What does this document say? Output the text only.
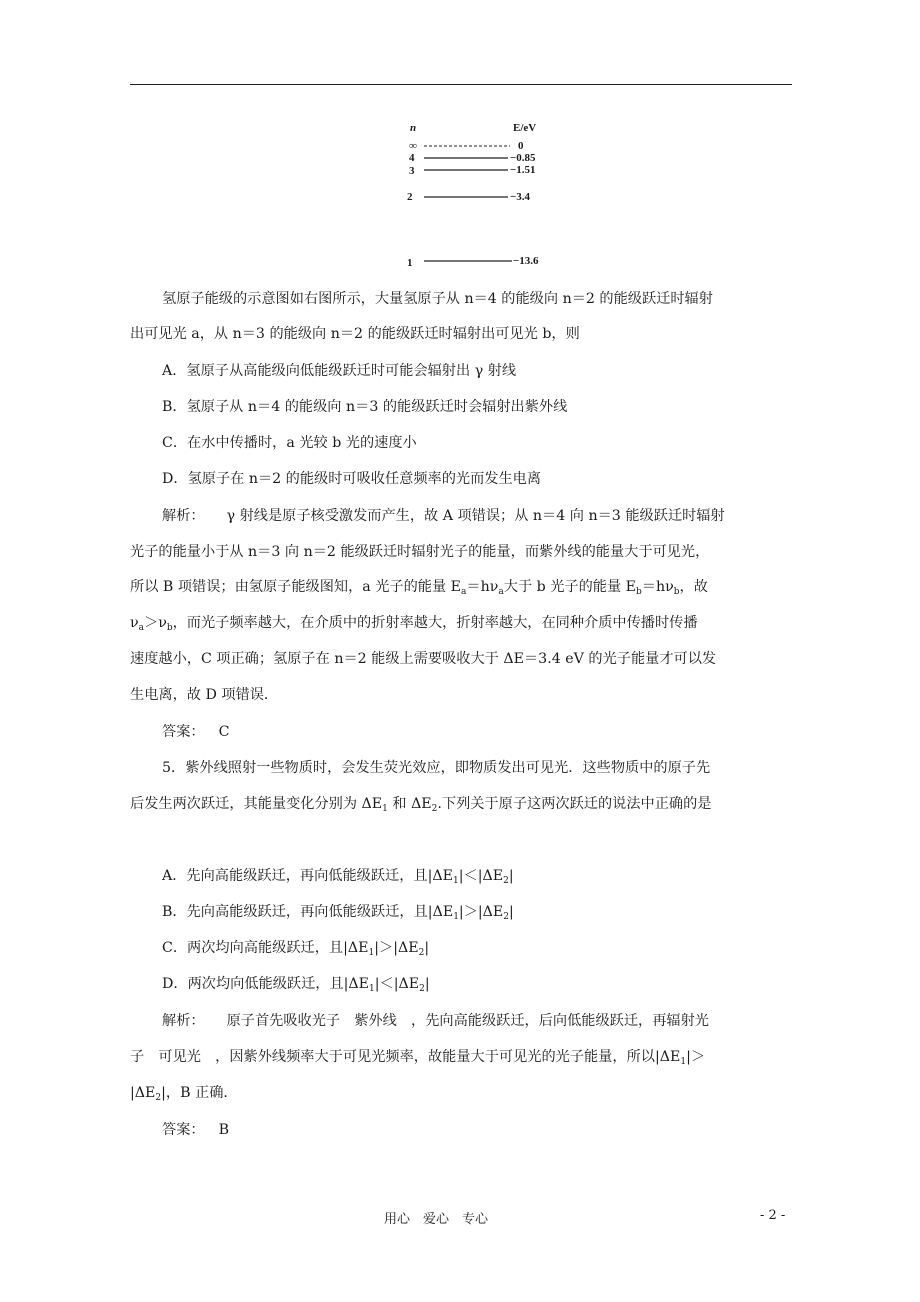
n	E/eV
∞	0
4	−0.85
3	−1.51
2	−3.4
1	−13.6

氢原子能级的示意图如右图所示，大量氢原子从 n＝4 的能级向 n＝2 的能级跃迁时辐射

出可见光 a，从 n＝3 的能级向 n＝2 的能级跃迁时辐射出可见光 b，则

A．氢原子从高能级向低能级跃迁时可能会辐射出 γ 射线

B．氢原子从 n＝4 的能级向 n＝3 的能级跃迁时会辐射出紫外线

C．在水中传播时，a 光较 b 光的速度小

D．氢原子在 n＝2 的能级时可吸收任意频率的光而发生电离

解析： γ 射线是原子核受激发而产生，故 A 项错误；从 n＝4 向 n＝3 能级跃迁时辐射

光子的能量小于从 n＝3 向 n＝2 能级跃迁时辐射光子的能量，而紫外线的能量大于可见光，

所以 B 项错误；由氢原子能级图知，a 光子的能量 $E_a=h\nu_a$大于 b 光子的能量 $E_b=h\nu_b$，故

$\nu_a>\nu_b$，而光子频率越大，在介质中的折射率越大，折射率越大，在同种介质中传播时传播

速度越小，C 项正确；氢原子在 n＝2 能级上需要吸收大于 ΔE＝3.4 eV 的光子能量才可以发

生电离，故 D 项错误．

答案： C

5．紫外线照射一些物质时，会发生荧光效应，即物质发出可见光．这些物质中的原子先

后发生两次跃迁，其能量变化分别为 $\Delta E_1$ 和 $\Delta E_2$.下列关于原子这两次跃迁的说法中正确的是

A．先向高能级跃迁，再向低能级跃迁，且$|\Delta E_1|<|\Delta E_2|$

B．先向高能级跃迁，再向低能级跃迁，且$|\Delta E_1|>|\Delta E_2|$

C．两次均向高能级跃迁，且$|\Delta E_1|>|\Delta E_2|$

D．两次均向低能级跃迁，且$|\Delta E_1|<|\Delta E_2|$

解析： 原子首先吸收光子　紫外线　，先向高能级跃迁，后向低能级跃迁，再辐射光

子　可见光　，因紫外线频率大于可见光频率，故能量大于可见光的光子能量，所以$|\Delta E_1|>$

$|\Delta E_2|$，B 正确．

答案： B

用心　爱心　专心	- 2 -
